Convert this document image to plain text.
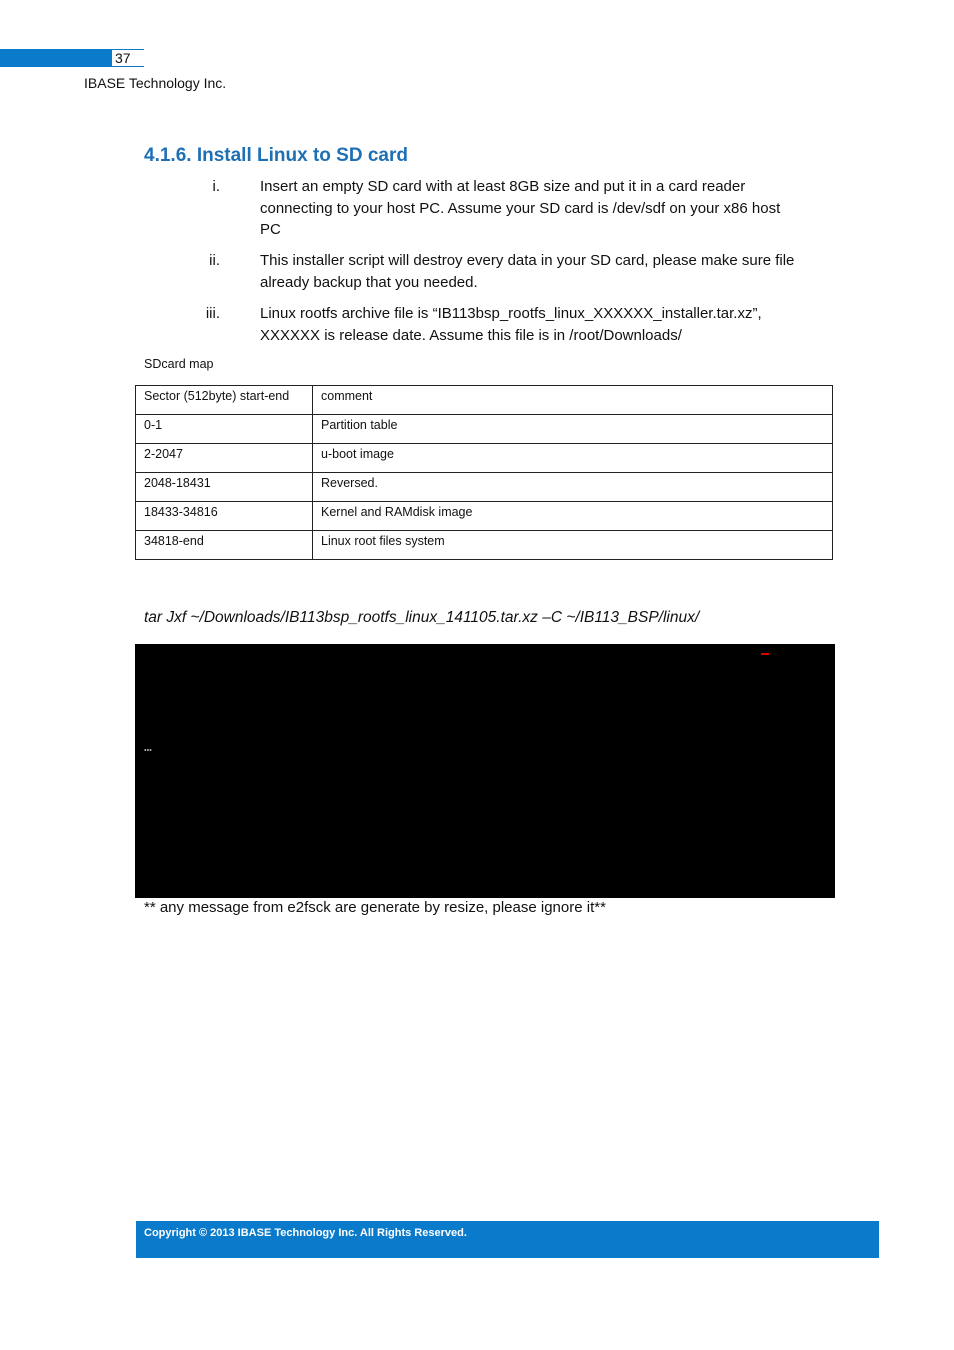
37
IBASE Technology Inc.
4.1.6. Install Linux to SD card
i.	Insert an empty SD card with at least 8GB size and put it in a card reader
connecting to your host PC. Assume your SD card is /dev/sdf on your x86 host
PC
ii.	This installer script will destroy every data in your SD card, please make sure file
already backup that you needed.
iii.	Linux rootfs archive file is “IB113bsp_rootfs_linux_XXXXXX_installer.tar.xz”,
XXXXXX is release date. Assume this file is in /root/Downloads/
SDcard map
Sector (512byte) start-end	comment
0-1	Partition table
2-2047	u-boot image
2048-18431	Reversed.
18433-34816	Kernel and RAMdisk image
34818-end	Linux root files system
tar Jxf ~/Downloads/IB113bsp_rootfs_linux_141105.tar.xz –C ~/IB113_BSP/linux/
…
** any message from e2fsck are generate by resize, please ignore it**
Copyright © 2013 IBASE Technology Inc. All Rights Reserved.
